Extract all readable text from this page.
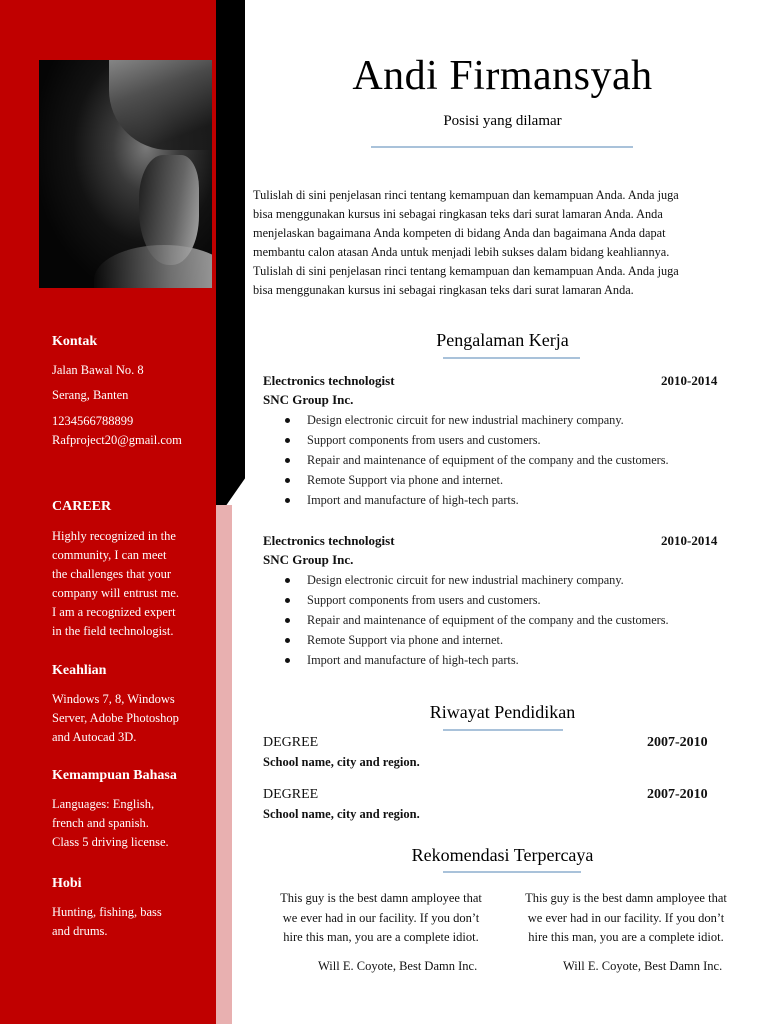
Kontak
Jalan Bawal No. 8
Serang, Banten
1234566788899
Rafproject20@gmail.com
CAREER
Highly recognized in the
community, I can meet
the challenges that your
company will entrust me.
I am a recognized expert
in the field technologist.
Keahlian
Windows 7, 8, Windows
Server, Adobe Photoshop
and Autocad 3D.
Kemampuan Bahasa
Languages: English,
french and spanish.
Class 5 driving license.
Hobi
Hunting, fishing, bass
and drums.
Andi Firmansyah
Posisi yang dilamar
Tulislah di sini penjelasan rinci tentang kemampuan dan kemampuan Anda. Anda juga
bisa menggunakan kursus ini sebagai ringkasan teks dari surat lamaran Anda. Anda
menjelaskan bagaimana Anda kompeten di bidang Anda dan bagaimana Anda dapat
membantu calon atasan Anda untuk menjadi lebih sukses dalam bidang keahliannya.
Tulislah di sini penjelasan rinci tentang kemampuan dan kemampuan Anda. Anda juga
bisa menggunakan kursus ini sebagai ringkasan teks dari surat lamaran Anda.
Pengalaman Kerja
Electronics technologist	2010-2014
SNC Group Inc.
Design electronic circuit for new industrial machinery company.
Support components from users and customers.
Repair and maintenance of equipment of the company and the customers.
Remote Support via phone and internet.
Import and manufacture of high-tech parts.
Electronics technologist	2010-2014
SNC Group Inc.
Design electronic circuit for new industrial machinery company.
Support components from users and customers.
Repair and maintenance of equipment of the company and the customers.
Remote Support via phone and internet.
Import and manufacture of high-tech parts.
Riwayat Pendidikan
DEGREE	2007-2010
School name, city and region.
DEGREE	2007-2010
School name, city and region.
Rekomendasi Terpercaya
This guy is the best damn amployee that
we ever had in our facility. If you don’t
hire this man, you are a complete idiot.
Will E. Coyote, Best Damn Inc.
This guy is the best damn amployee that
we ever had in our facility. If you don’t
hire this man, you are a complete idiot.
Will E. Coyote, Best Damn Inc.
